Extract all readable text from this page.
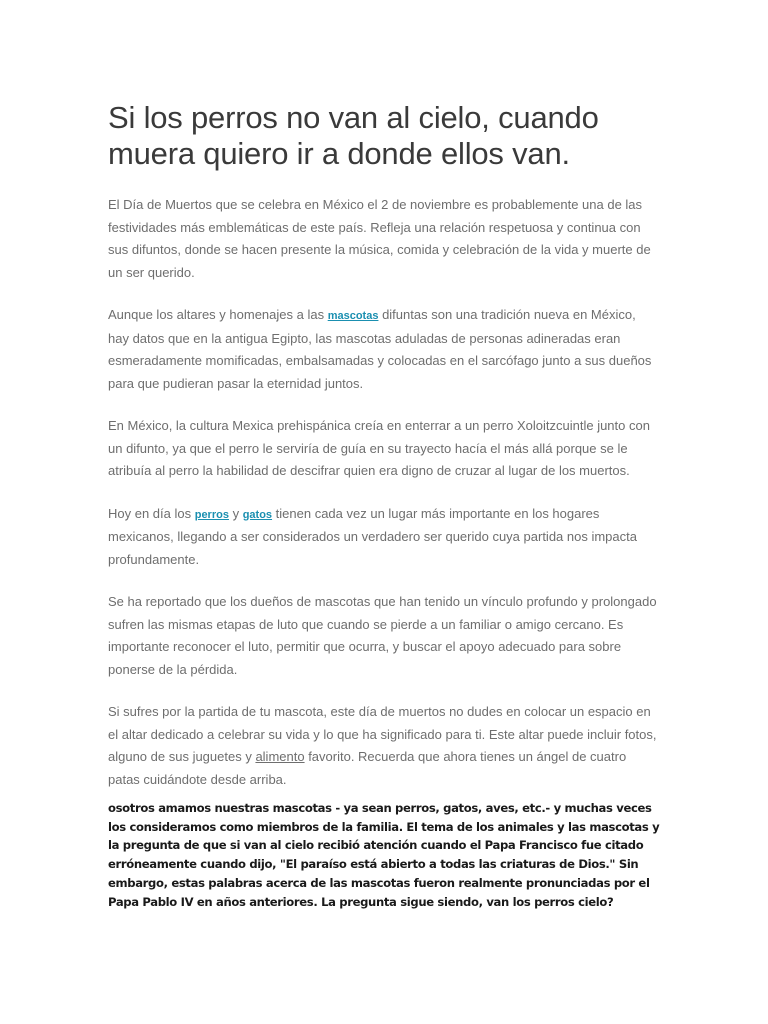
Si los perros no van al cielo, cuando
muera quiero ir a donde ellos van.

El Día de Muertos que se celebra en México el 2 de noviembre es probablemente una de las festividades más emblemáticas de este país. Refleja una relación respetuosa y continua con sus difuntos, donde se hacen presente la música, comida y celebración de la vida y muerte de un ser querido.

Aunque los altares y homenajes a las mascotas difuntas son una tradición nueva en México, hay datos que en la antigua Egipto, las mascotas aduladas de personas adineradas eran esmeradamente momificadas, embalsamadas y colocadas en el sarcófago junto a sus dueños para que pudieran pasar la eternidad juntos.

En México, la cultura Mexica prehispánica creía en enterrar a un perro Xoloitzcuintle junto con un difunto, ya que el perro le serviría de guía en su trayecto hacía el más allá porque se le atribuía al perro la habilidad de descifrar quien era digno de cruzar al lugar de los muertos.

Hoy en día los perros y gatos tienen cada vez un lugar más importante en los hogares mexicanos, llegando a ser considerados un verdadero ser querido cuya partida nos impacta profundamente.

Se ha reportado que los dueños de mascotas que han tenido un vínculo profundo y prolongado sufren las mismas etapas de luto que cuando se pierde a un familiar o amigo cercano. Es importante reconocer el luto, permitir que ocurra, y buscar el apoyo adecuado para sobre ponerse de la pérdida.

Si sufres por la partida de tu mascota, este día de muertos no dudes en colocar un espacio en el altar dedicado a celebrar su vida y lo que ha significado para ti. Este altar puede incluir fotos, alguno de sus juguetes y alimento favorito. Recuerda que ahora tienes un ángel de cuatro patas cuidándote desde arriba.

osotros amamos nuestras mascotas - ya sean perros, gatos, aves, etc.- y muchas veces los consideramos como miembros de la familia. El tema de los animales y las mascotas y la pregunta de que si van al cielo recibió atención cuando el Papa Francisco fue citado erróneamente cuando dijo, "El paraíso está abierto a todas las criaturas de Dios." Sin embargo, estas palabras acerca de las mascotas fueron realmente pronunciadas por el Papa Pablo IV en años anteriores. La pregunta sigue siendo, van los perros cielo?
